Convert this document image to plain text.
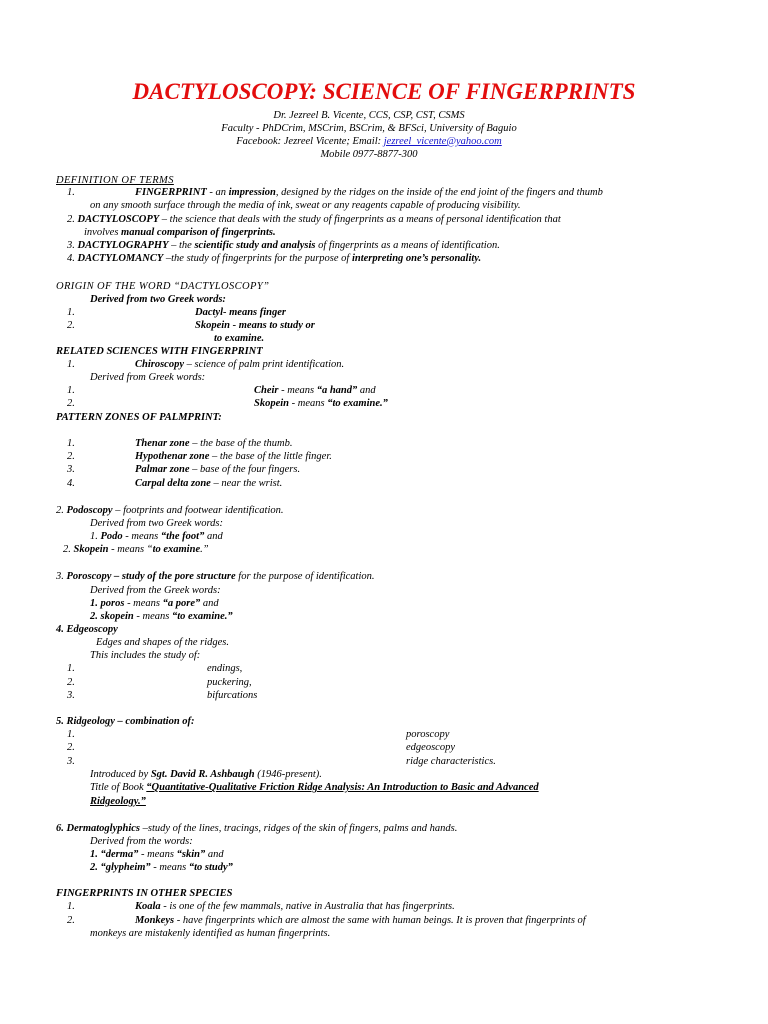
DACTYLOSCOPY: SCIENCE OF FINGERPRINTS
Dr. Jezreel B. Vicente, CCS, CSP, CST, CSMS
Faculty - PhDCrim, MSCrim, BSCrim, & BFSci, University of Baguio
Facebook: Jezreel Vicente; Email: jezreel_vicente@yahoo.com
Mobile 0977-8877-300
DEFINITION OF TERMS
1.	FINGERPRINT - an impression, designed by the ridges on the inside of the end joint of the fingers and thumb
on any smooth surface through the media of ink, sweat or any reagents capable of producing visibility.
2. DACTYLOSCOPY – the science that deals with the study of fingerprints as a means of personal identification that
involves manual comparison of fingerprints.
3. DACTYLOGRAPHY – the scientific study and analysis of fingerprints as a means of identification.
4. DACTYLOMANCY –the study of fingerprints for the purpose of interpreting one’s personality.
ORIGIN OF THE WORD “DACTYLOSCOPY”
Derived from two Greek words:
1.	Dactyl- means finger
2.	Skopein - means to study or
to examine.
RELATED SCIENCES WITH FINGERPRINT
1.	Chiroscopy – science of palm print identification.
Derived from Greek words:
1.	Cheir - means “a hand” and
2.	Skopein - means “to examine.”
PATTERN ZONES OF PALMPRINT:
1.	Thenar zone – the base of the thumb.
2.	Hypothenar zone – the base of the little finger.
3.	Palmar zone – base of the four fingers.
4.	Carpal delta zone – near the wrist.
2. Podoscopy – footprints and footwear identification.
Derived from two Greek words:
1. Podo - means “the foot” and
2. Skopein - means “to examine.”
3. Poroscopy – study of the pore structure for the purpose of identification.
Derived from the Greek words:
1. poros - means “a pore” and
2. skopein - means “to examine.”
4. Edgeoscopy
Edges and shapes of the ridges.
This includes the study of:
1.	endings,
2.	puckering,
3.	bifurcations
5. Ridgeology – combination of:
1.	poroscopy
2.	edgeoscopy
3.	ridge characteristics.
Introduced by Sgt. David R. Ashbaugh (1946-present).
Title of Book “Quantitative-Qualitative Friction Ridge Analysis: An Introduction to Basic and Advanced
Ridgeology.”
6. Dermatoglyphics –study of the lines, tracings, ridges of the skin of fingers, palms and hands.
Derived from the words:
1. “derma” - means “skin” and
2. “glypheim” - means “to study”
FINGERPRINTS IN OTHER SPECIES
1.	Koala - is one of the few mammals, native in Australia that has fingerprints.
2.	Monkeys - have fingerprints which are almost the same with human beings. It is proven that fingerprints of
monkeys are mistakenly identified as human fingerprints.
